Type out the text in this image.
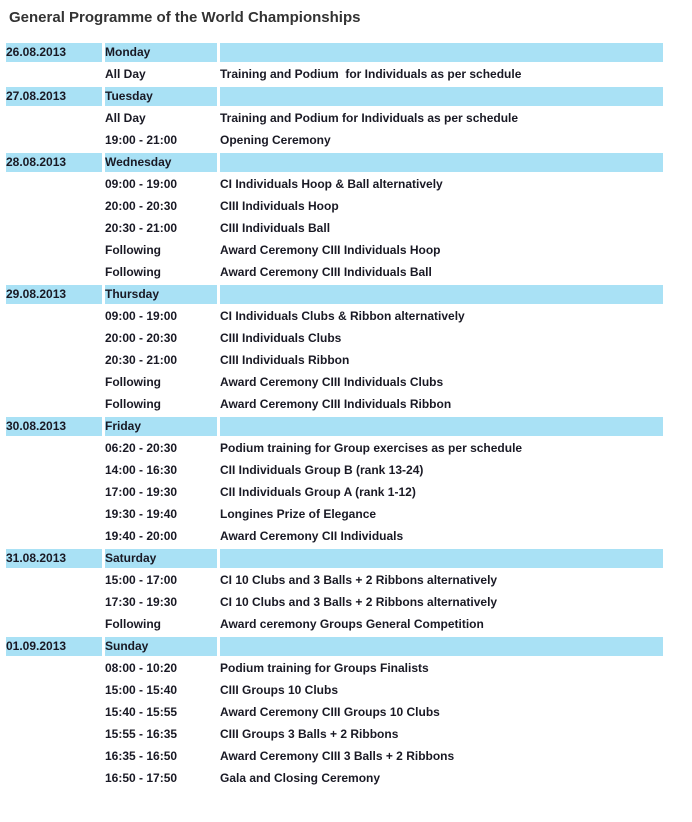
General Programme of the World Championships
26.08.2013	Monday	
	All Day	Training and Podium  for Individuals as per schedule
27.08.2013	Tuesday	
	All Day	Training and Podium for Individuals as per schedule
	19:00 - 21:00	Opening Ceremony
28.08.2013	Wednesday	
	09:00 - 19:00	CI Individuals Hoop & Ball alternatively
	20:00 - 20:30	CIII Individuals Hoop
	20:30 - 21:00	CIII Individuals Ball
	Following	Award Ceremony CIII Individuals Hoop
	Following	Award Ceremony CIII Individuals Ball
29.08.2013	Thursday	
	09:00 - 19:00	CI Individuals Clubs & Ribbon alternatively
	20:00 - 20:30	CIII Individuals Clubs
	20:30 - 21:00	CIII Individuals Ribbon
	Following	Award Ceremony CIII Individuals Clubs
	Following	Award Ceremony CIII Individuals Ribbon
30.08.2013	Friday	
	06:20 - 20:30	Podium training for Group exercises as per schedule
	14:00 - 16:30	CII Individuals Group B (rank 13-24)
	17:00 - 19:30	CII Individuals Group A (rank 1-12)
	19:30 - 19:40	Longines Prize of Elegance
	19:40 - 20:00	Award Ceremony CII Individuals
31.08.2013	Saturday	
	15:00 - 17:00	CI 10 Clubs and 3 Balls + 2 Ribbons alternatively
	17:30 - 19:30	CI 10 Clubs and 3 Balls + 2 Ribbons alternatively
	Following	Award ceremony Groups General Competition
01.09.2013	Sunday	
	08:00 - 10:20	Podium training for Groups Finalists
	15:00 - 15:40	CIII Groups 10 Clubs
	15:40 - 15:55	Award Ceremony CIII Groups 10 Clubs
	15:55 - 16:35	CIII Groups 3 Balls + 2 Ribbons
	16:35 - 16:50	Award Ceremony CIII 3 Balls + 2 Ribbons
	16:50 - 17:50	Gala and Closing Ceremony
